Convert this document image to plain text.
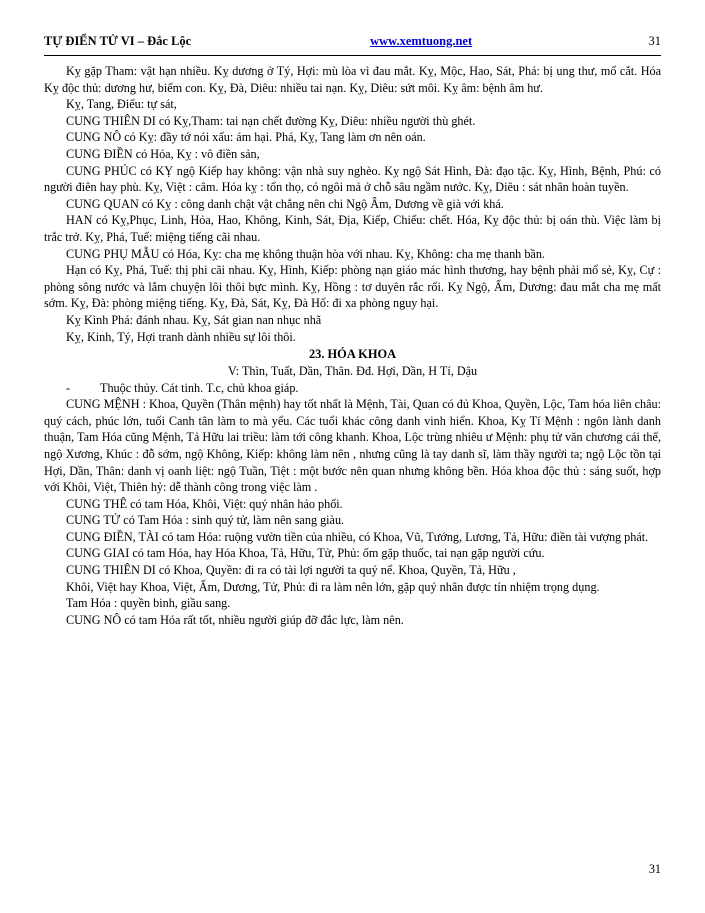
TỰ ĐIỂN TỬ VI – Đắc Lộc	www.xemtuong.net	31

Kỵ gặp Tham: vật hạn nhiều. Kỵ dương ở Tý, Hợi: mù lòa vì đau mắt. Kỵ, Mộc, Hao, Sát, Phá: bị ung thư, mổ cắt. Hóa Kỵ độc thủ: dương hư, biếm con. Kỵ, Đà, Diêu: nhiều tai nạn. Kỵ, Diêu: sứt môi. Kỵ âm: bệnh âm hư.

Kỵ, Tang, Điếu: tự sát,

CUNG THIÊN DI có Kỵ,Tham: tai nạn chết đường Kỵ, Diêu: nhiều người thù ghét.

CUNG NÔ có Kỵ: đầy tớ nói xấu: ám hại. Phá, Kỵ, Tang làm ơn nên oán.

CUNG ĐIỀN có Hóa, Kỵ : vô điền sản,

CUNG PHÚC có KỴ ngộ Kiếp hay không: vận nhà suy nghèo. Kỵ ngộ Sát Hình, Đà: đạo tặc. Kỵ, Hình, Bệnh, Phú: có người điên hay phù. Kỵ, Việt : câm. Hóa kỵ : tổn thọ, có ngôi mả ở chỗ sâu ngầm nước. Kỵ, Diêu : sát nhân hoàn tuyền.

CUNG QUAN có Kỵ : công danh chật vật chẳng nên chi Ngộ Âm, Dương về già với khá.

HAN có Kỵ,Phục, Linh, Hỏa, Hao, Không, Kinh, Sát, Địa, Kiếp, Chiếu: chết. Hóa, Kỵ độc thủ: bị oán thù. Việc làm bị trắc trở. Kỵ, Phá, Tuế: miệng tiếng cãi nhau.

CUNG PHỤ MẪU có Hóa, Kỵ: cha mẹ không thuận hòa với nhau. Kỵ, Không: cha mẹ thanh bần.

Hạn có Kỵ, Phá, Tuế: thị phi cãi nhau. Kỵ, Hình, Kiếp: phòng nạn giáo mác hình thương, hay bệnh phải mổ sẻ, Kỵ, Cự : phòng sông nước và lắm chuyện lôi thôi bực mình. Kỵ, Hồng : tơ duyên rắc rối. Kỵ Ngộ, Ẩm, Dương: đau mắt cha mẹ mất sớm. Kỵ, Đà: phòng miệng tiếng. Kỵ, Đà, Sát, Kỵ, Đà Hổ: đi xa phòng nguy hại.

Kỵ Kình Phá: đánh nhau. Kỵ, Sát gian nan nhục nhã

Kỵ, Kinh, Tý, Hợi tranh dành nhiều sự lôi thôi.

23. HÓA KHOA

V: Thìn, Tuất, Dần, Thân. Đđ. Hợi, Dần, H Tí, Dậu

- Thuộc thủy. Cát tinh. T.c, chủ khoa giáp.

CUNG MỆNH : Khoa, Quyền (Thân mệnh) hay tốt nhất là Mệnh, Tài, Quan có đủ Khoa, Quyền, Lộc, Tam hóa liên châu: quý cách, phúc lớn, tuổi Canh tân làm to mà yểu. Các tuổi khác công danh vinh hiển. Khoa, Kỵ Tí Mệnh : ngôn lành danh thuận, Tam Hóa cũng Mệnh, Tả Hữu lai triều: làm tới công khanh. Khoa, Lộc trùng nhiêu ư Mệnh: phụ tử văn chương cái thế, ngộ Xương, Khúc : đỗ sớm, ngộ Không, Kiếp: không làm nên , nhưng cũng là tay danh sĩ, làm thầy người ta; ngộ Lộc tồn tại Hợi, Dần, Thân: danh vị oanh liệt: ngộ Tuần, Tiệt : một bước nên quan nhưng không bền. Hóa khoa độc thủ : sáng suốt, hợp với Khôi, Việt, Thiên hỷ: dễ thành công trong việc làm .

CUNG THÊ có tam Hóa, Khôi, Việt: quý nhân hảo phối.

CUNG TỬ có Tam Hóa : sinh quý tử, làm nên sang giàu.

CUNG ĐIỀN, TÀI có tam Hóa: ruộng vườn tiền của nhiều, có Khoa, Vũ, Tướng, Lương, Tả, Hữu: điền tài vượng phát.

CUNG GIAI có tam Hóa, hay Hóa Khoa, Tả, Hữu, Tử, Phủ: ốm gặp thuốc, tai nạn gặp người cứu.

CUNG THIÊN DI có Khoa, Quyền: đi ra có tài lợi người ta quý nể. Khoa, Quyền, Tả, Hữu ,

Khôi, Việt hay Khoa, Việt, Ấm, Dương, Tử, Phủ: đi ra làm nên lớn, gặp quý nhân được tín nhiệm trọng dụng.

Tam Hóa : quyền binh, giầu sang.

CUNG NÔ có tam Hóa rất tốt, nhiều người giúp đỡ đắc lực, làm nên.

31
